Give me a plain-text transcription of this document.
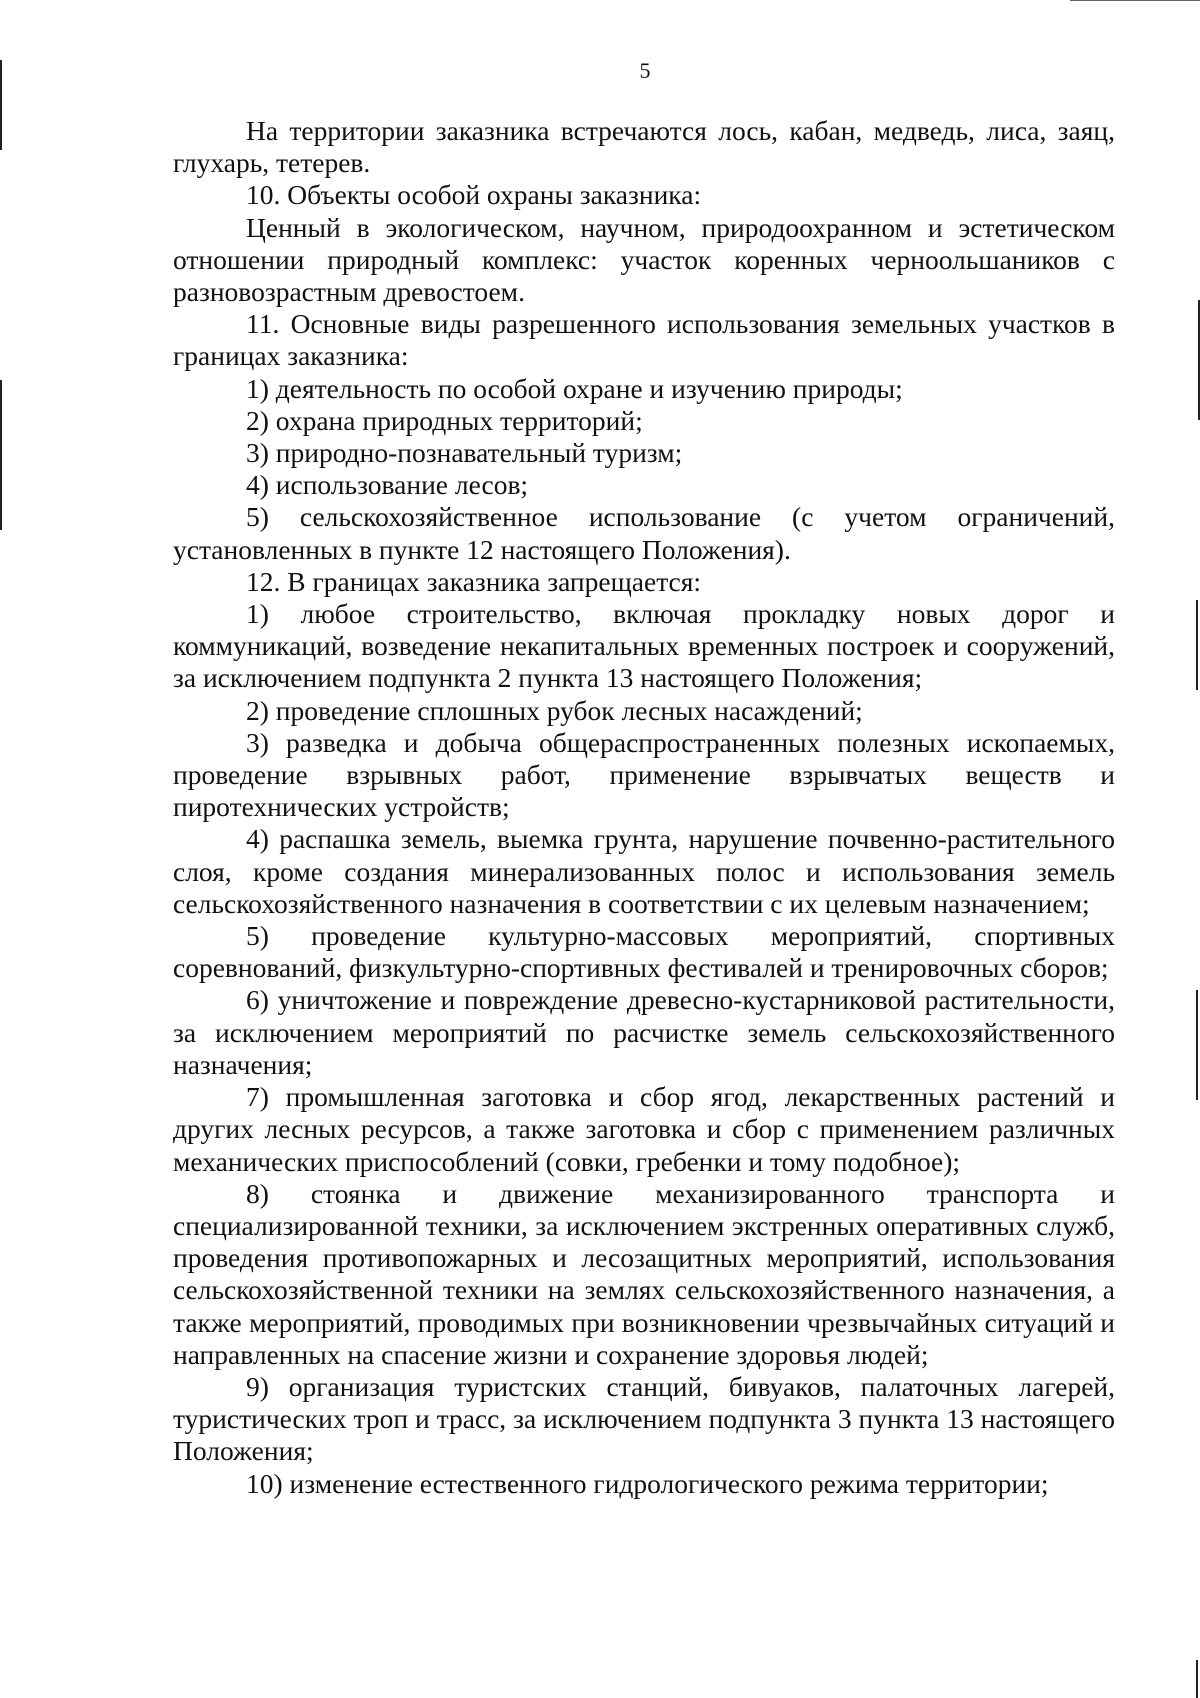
5

На территории заказника встречаются лось, кабан, медведь, лиса, заяц, глухарь, тетерев.

10. Объекты особой охраны заказника:

Ценный в экологическом, научном, природоохранном и эстетическом отношении природный комплекс: участок коренных черноольшаников с разновозрастным древостоем.

11. Основные виды разрешенного использования земельных участков в границах заказника:

1) деятельность по особой охране и изучению природы;

2) охрана природных территорий;

3) природно-познавательный туризм;

4) использование лесов;

5) сельскохозяйственное использование (с учетом ограничений, установленных в пункте 12 настоящего Положения).

12. В границах заказника запрещается:

1) любое строительство, включая прокладку новых дорог и коммуникаций, возведение некапитальных временных построек и сооружений, за исключением подпункта 2 пункта 13 настоящего Положения;

2) проведение сплошных рубок лесных насаждений;

3) разведка и добыча общераспространенных полезных ископаемых, проведение взрывных работ, применение взрывчатых веществ и пиротехнических устройств;

4) распашка земель, выемка грунта, нарушение почвенно-растительного слоя, кроме создания минерализованных полос и использования земель сельскохозяйственного назначения в соответствии с их целевым назначением;

5) проведение культурно-массовых мероприятий, спортивных соревнований, физкультурно-спортивных фестивалей и тренировочных сборов;

6) уничтожение и повреждение древесно-кустарниковой растительности, за исключением мероприятий по расчистке земель сельскохозяйственного назначения;

7) промышленная заготовка и сбор ягод, лекарственных растений и других лесных ресурсов, а также заготовка и сбор с применением различных механических приспособлений (совки, гребенки и тому подобное);

8) стоянка и движение механизированного транспорта и специализированной техники, за исключением экстренных оперативных служб, проведения противопожарных и лесозащитных мероприятий, использования сельскохозяйственной техники на землях сельскохозяйственного назначения, а также мероприятий, проводимых при возникновении чрезвычайных ситуаций и направленных на спасение жизни и сохранение здоровья людей;

9) организация туристских станций, бивуаков, палаточных лагерей, туристических троп и трасс, за исключением подпункта 3 пункта 13 настоящего Положения;

10) изменение естественного гидрологического режима территории;
